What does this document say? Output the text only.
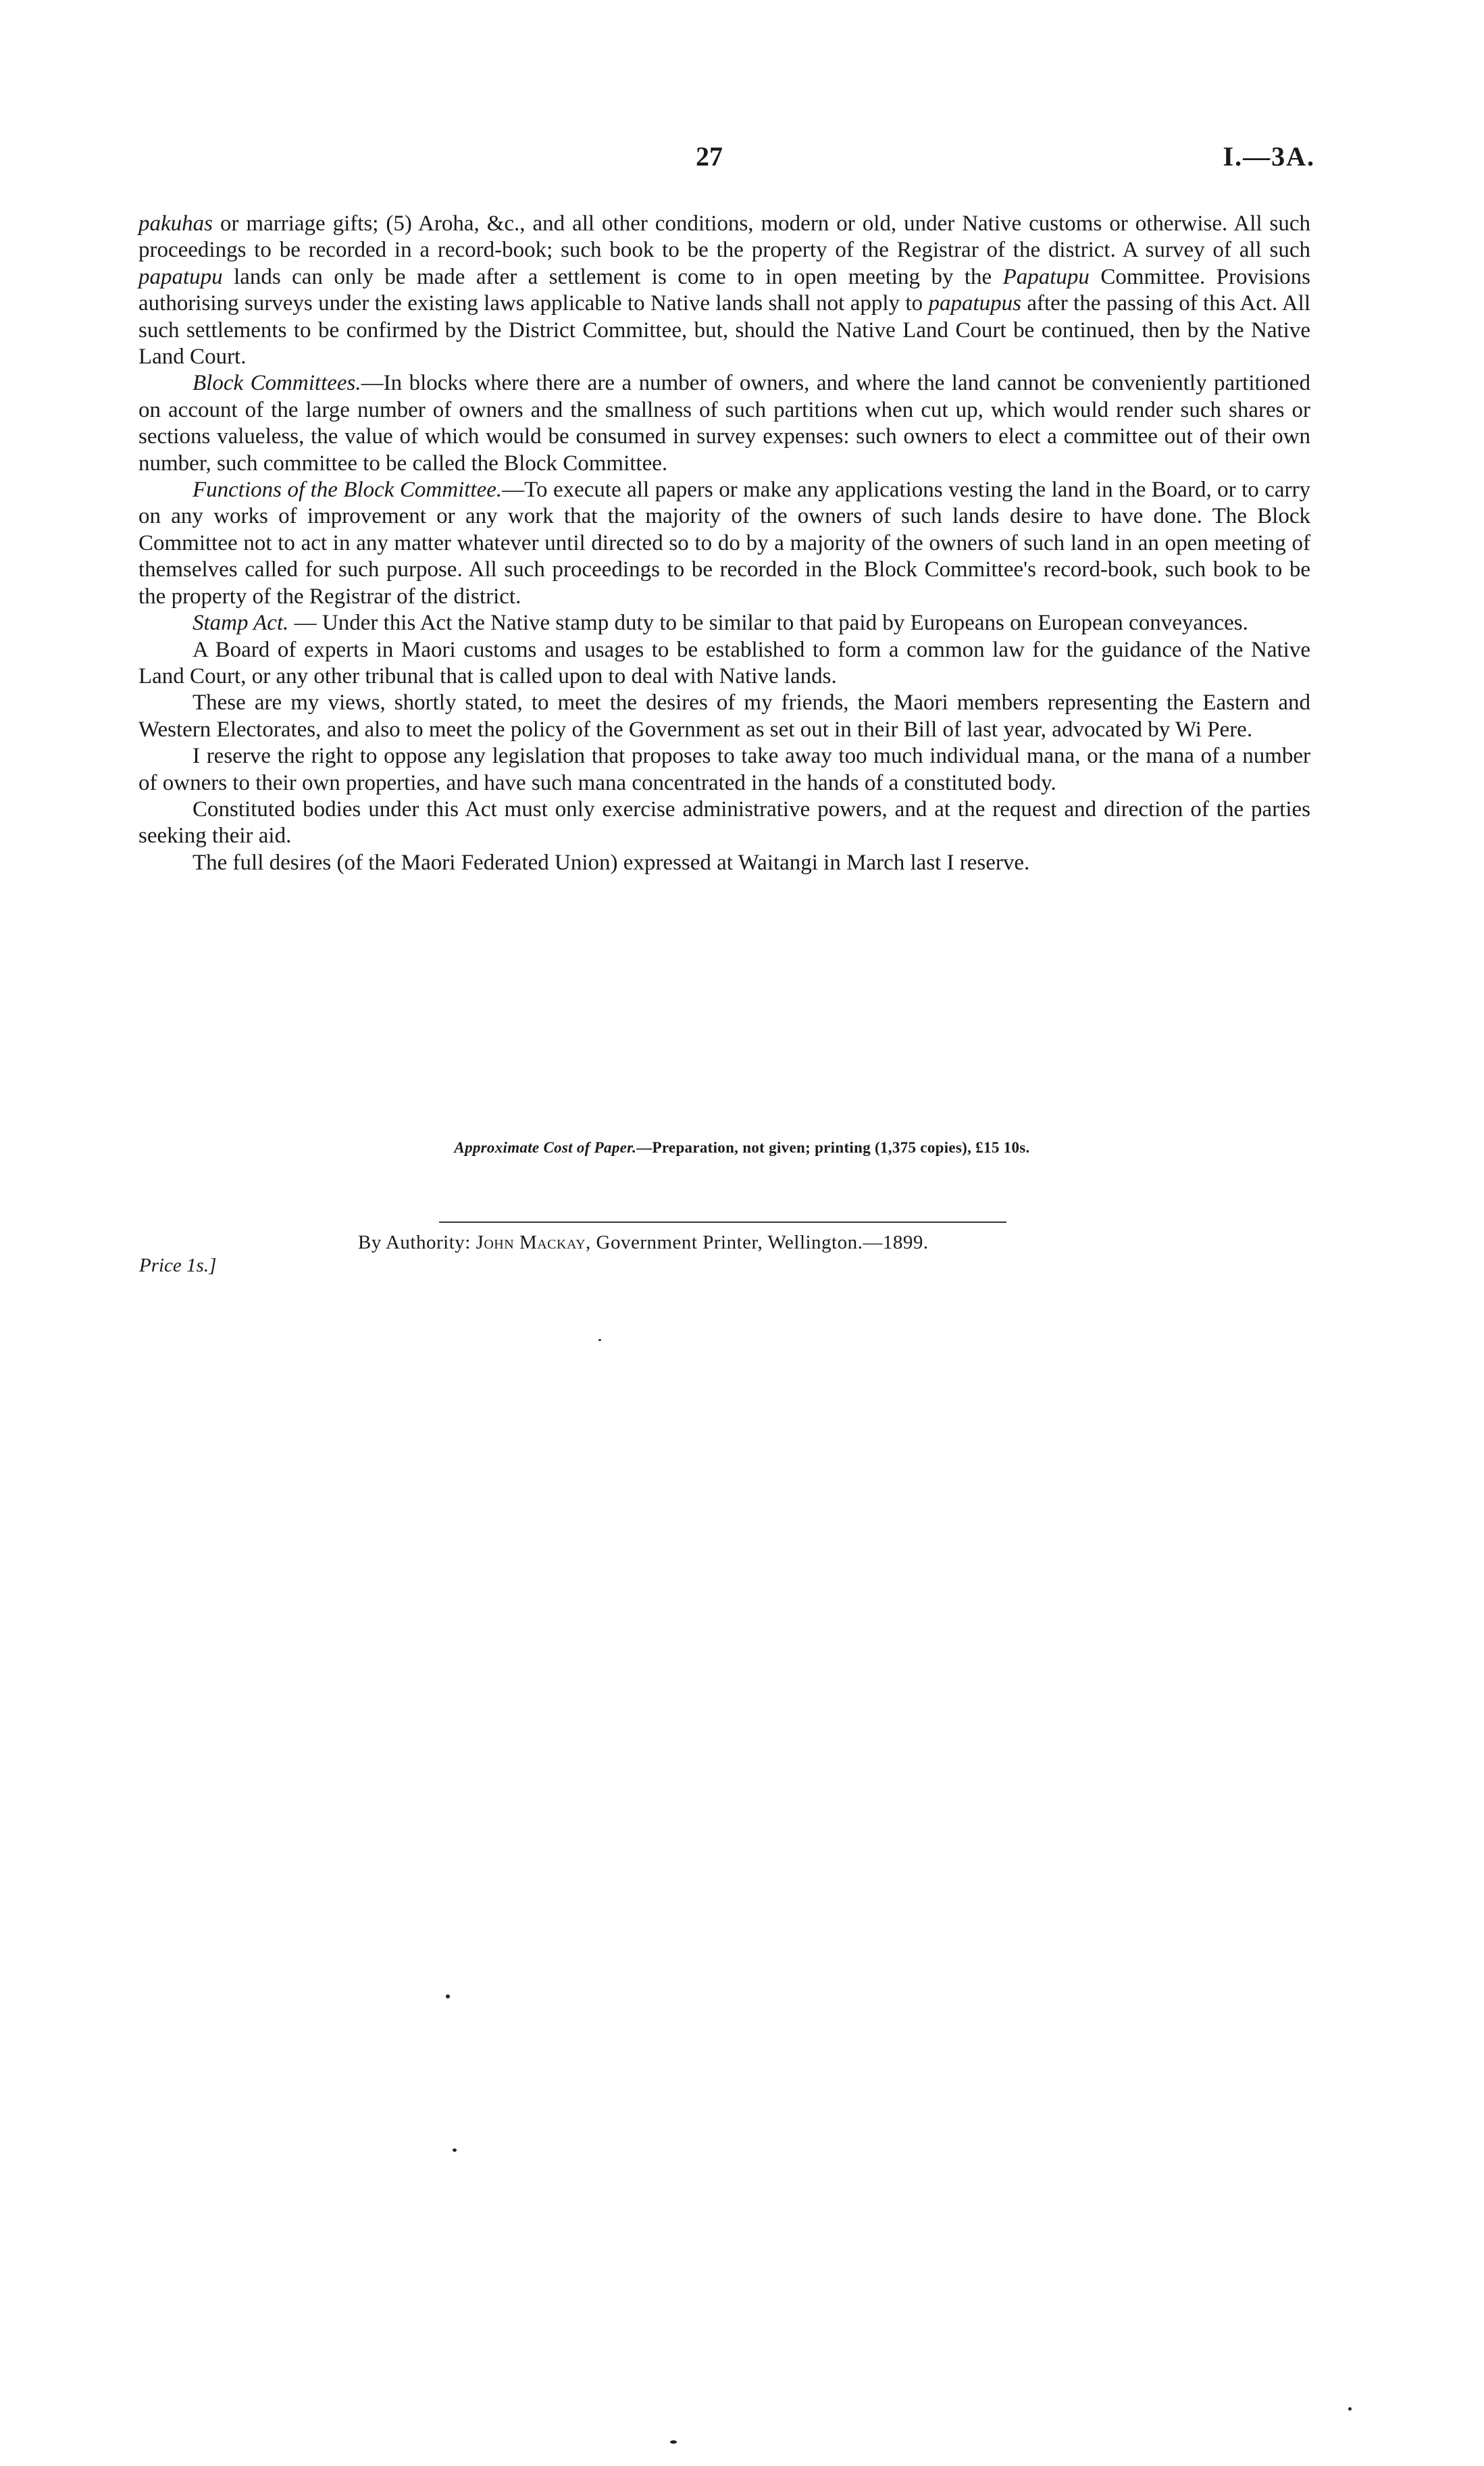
27	I.—3A.

pakuhas or marriage gifts; (5) Aroha, &c., and all other conditions, modern or old, under Native customs or otherwise. All such proceedings to be recorded in a record-book; such book to be the property of the Registrar of the district. A survey of all such papatupu lands can only be made after a settlement is come to in open meeting by the Papatupu Committee. Provisions authorising surveys under the existing laws applicable to Native lands shall not apply to papatupus after the passing of this Act. All such settlements to be confirmed by the District Committee, but, should the Native Land Court be continued, then by the Native Land Court.

Block Committees.—In blocks where there are a number of owners, and where the land cannot be conveniently partitioned on account of the large number of owners and the smallness of such partitions when cut up, which would render such shares or sections valueless, the value of which would be consumed in survey expenses: such owners to elect a committee out of their own number, such committee to be called the Block Committee.

Functions of the Block Committee.—To execute all papers or make any applications vesting the land in the Board, or to carry on any works of improvement or any work that the majority of the owners of such lands desire to have done. The Block Committee not to act in any matter whatever until directed so to do by a majority of the owners of such land in an open meeting of themselves called for such purpose. All such proceedings to be recorded in the Block Committee's record-book, such book to be the property of the Registrar of the district.

Stamp Act. — Under this Act the Native stamp duty to be similar to that paid by Europeans on European conveyances.

A Board of experts in Maori customs and usages to be established to form a common law for the guidance of the Native Land Court, or any other tribunal that is called upon to deal with Native lands.

These are my views, shortly stated, to meet the desires of my friends, the Maori members representing the Eastern and Western Electorates, and also to meet the policy of the Government as set out in their Bill of last year, advocated by Wi Pere.

I reserve the right to oppose any legislation that proposes to take away too much individual mana, or the mana of a number of owners to their own properties, and have such mana concentrated in the hands of a constituted body.

Constituted bodies under this Act must only exercise administrative powers, and at the request and direction of the parties seeking their aid.

The full desires (of the Maori Federated Union) expressed at Waitangi in March last I reserve.

Approximate Cost of Paper.—Preparation, not given; printing (1,375 copies), £15 10s.
By Authority: John Mackay, Government Printer, Wellington.—1899.
Price 1s.]
